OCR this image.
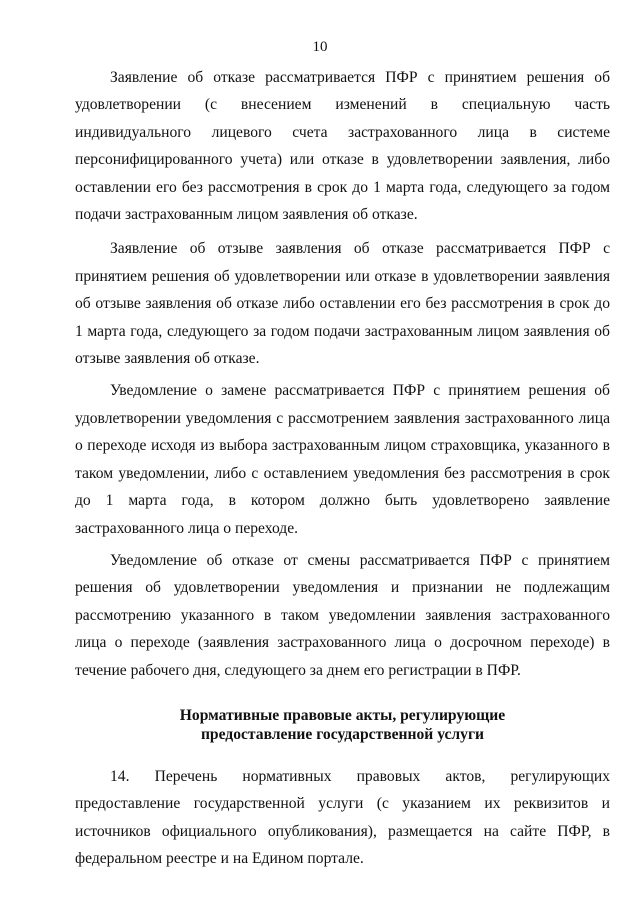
10

Заявление об отказе рассматривается ПФР с принятием решения об удовлетворении (с внесением изменений в специальную часть индивидуального лицевого счета застрахованного лица в системе персонифицированного учета) или отказе в удовлетворении заявления, либо оставлении его без рассмотрения в срок до 1 марта года, следующего за годом подачи застрахованным лицом заявления об отказе.

Заявление об отзыве заявления об отказе рассматривается ПФР с принятием решения об удовлетворении или отказе в удовлетворении заявления об отзыве заявления об отказе либо оставлении его без рассмотрения в срок до 1 марта года, следующего за годом подачи застрахованным лицом заявления об отзыве заявления об отказе.

Уведомление о замене рассматривается ПФР с принятием решения об удовлетворении уведомления с рассмотрением заявления застрахованного лица о переходе исходя из выбора застрахованным лицом страховщика, указанного в таком уведомлении, либо с оставлением уведомления без рассмотрения в срок до 1 марта года, в котором должно быть удовлетворено заявление застрахованного лица о переходе.

Уведомление об отказе от смены рассматривается ПФР с принятием решения об удовлетворении уведомления и признании не подлежащим рассмотрению указанного в таком уведомлении заявления застрахованного лица о переходе (заявления застрахованного лица о досрочном переходе) в течение рабочего дня, следующего за днем его регистрации в ПФР.

Нормативные правовые акты, регулирующие
предоставление государственной услуги

14. Перечень нормативных правовых актов, регулирующих предоставление государственной услуги (с указанием их реквизитов и источников официального опубликования), размещается на сайте ПФР, в федеральном реестре и на Едином портале.
